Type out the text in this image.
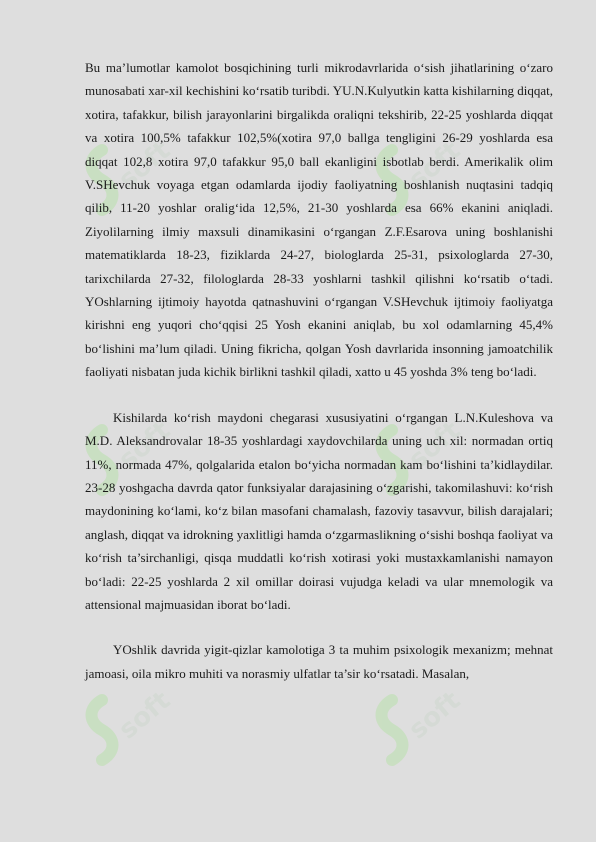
soft	soft
soft	soft
soft	soft

Bu ma’lumotlar kamolot bosqichining turli mikrodavrlarida o‘sish jihatlarining o‘zaro munosabati xar-xil kechishini ko‘rsatib turibdi. YU.N.Kulyutkin katta kishilarning diqqat, xotira, tafakkur, bilish jarayonlarini birgalikda oraliqni tekshirib, 22-25 yoshlarda diqqat va xotira 100,5% tafakkur 102,5%(xotira 97,0 ballga tengligini 26-29 yoshlarda esa diqqat 102,8 xotira 97,0 tafakkur 95,0 ball ekanligini isbotlab berdi. Amerikalik olim V.SHevchuk voyaga etgan odamlarda ijodiy faoliyatning boshlanish nuqtasini tadqiq qilib, 11-20 yoshlar oralig‘ida 12,5%, 21-30 yoshlarda esa 66% ekanini aniqladi. Ziyolilarning ilmiy maxsuli dinamikasini o‘rgangan Z.F.Esarova uning boshlanishi matematiklarda 18-23, fiziklarda 24-27, biologlarda 25-31, psixologlarda 27-30, tarixchilarda 27-32, filologlarda 28-33 yoshlarni tashkil qilishni ko‘rsatib o‘tadi. YOshlarning ijtimoiy hayotda qatnashuvini o‘rgangan V.SHevchuk ijtimoiy faoliyatga kirishni eng yuqori cho‘qqisi 25 Yosh ekanini aniqlab, bu xol odamlarning 45,4% bo‘lishini ma’lum qiladi. Uning fikricha, qolgan Yosh davrlarida insonning jamoatchilik faoliyati nisbatan juda kichik birlikni tashkil qiladi, xatto u 45 yoshda 3% teng bo‘ladi.

Kishilarda ko‘rish maydoni chegarasi xususiyatini o‘rgangan L.N.Kuleshova va M.D. Aleksandrovalar 18-35 yoshlardagi xaydovchilarda uning uch xil: normadan ortiq 11%, normada 47%, qolgalarida etalon bo‘yicha normadan kam bo‘lishini ta’kidlaydilar. 23-28 yoshgacha davrda qator funksiyalar darajasining o‘zgarishi, takomilashuvi: ko‘rish maydonining ko‘lami, ko‘z bilan masofani chamalash, fazoviy tasavvur, bilish darajalari; anglash, diqqat va idrokning yaxlitligi hamda o‘zgarmaslikning o‘sishi boshqa faoliyat va ko‘rish ta’sirchanligi, qisqa muddatli ko‘rish xotirasi yoki mustaxkamlanishi namayon bo‘ladi: 22-25 yoshlarda 2 xil omillar doirasi vujudga keladi va ular mnemologik va attensional majmuasidan iborat bo‘ladi.

YOshlik davrida yigit-qizlar kamolotiga 3 ta muhim psixologik mexanizm; mehnat jamoasi, oila mikro muhiti va norasmiy ulfatlar ta’sir ko‘rsatadi. Masalan,
